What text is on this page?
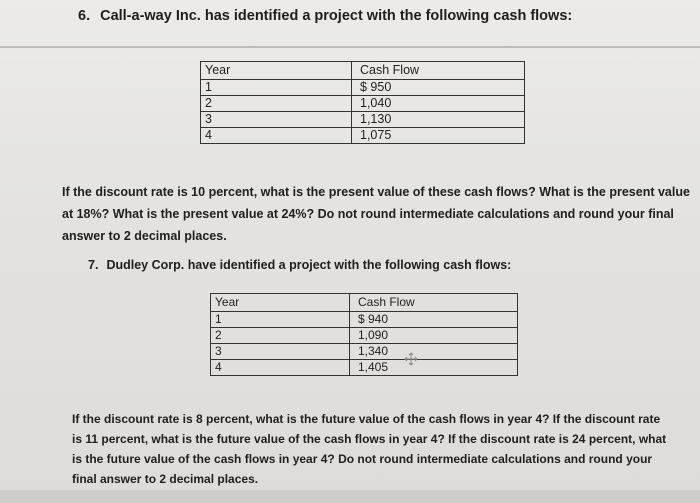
6. Call-a-way Inc. has identified a project with the following cash flows:
Year	Cash Flow
1	$ 950
2	1,040
3	1,130
4	1,075
If the discount rate is 10 percent, what is the present value of these cash flows? What is the present value at 18%? What is the present value at 24%? Do not round intermediate calculations and round your final answer to 2 decimal places.
7. Dudley Corp. have identified a project with the following cash flows:
Year	Cash Flow
1	$ 940
2	1,090
3	1,340
4	1,405
If the discount rate is 8 percent, what is the future value of the cash flows in year 4? If the discount rate is 11 percent, what is the future value of the cash flows in year 4? If the discount rate is 24 percent, what is the future value of the cash flows in year 4? Do not round intermediate calculations and round your final answer to 2 decimal places.
